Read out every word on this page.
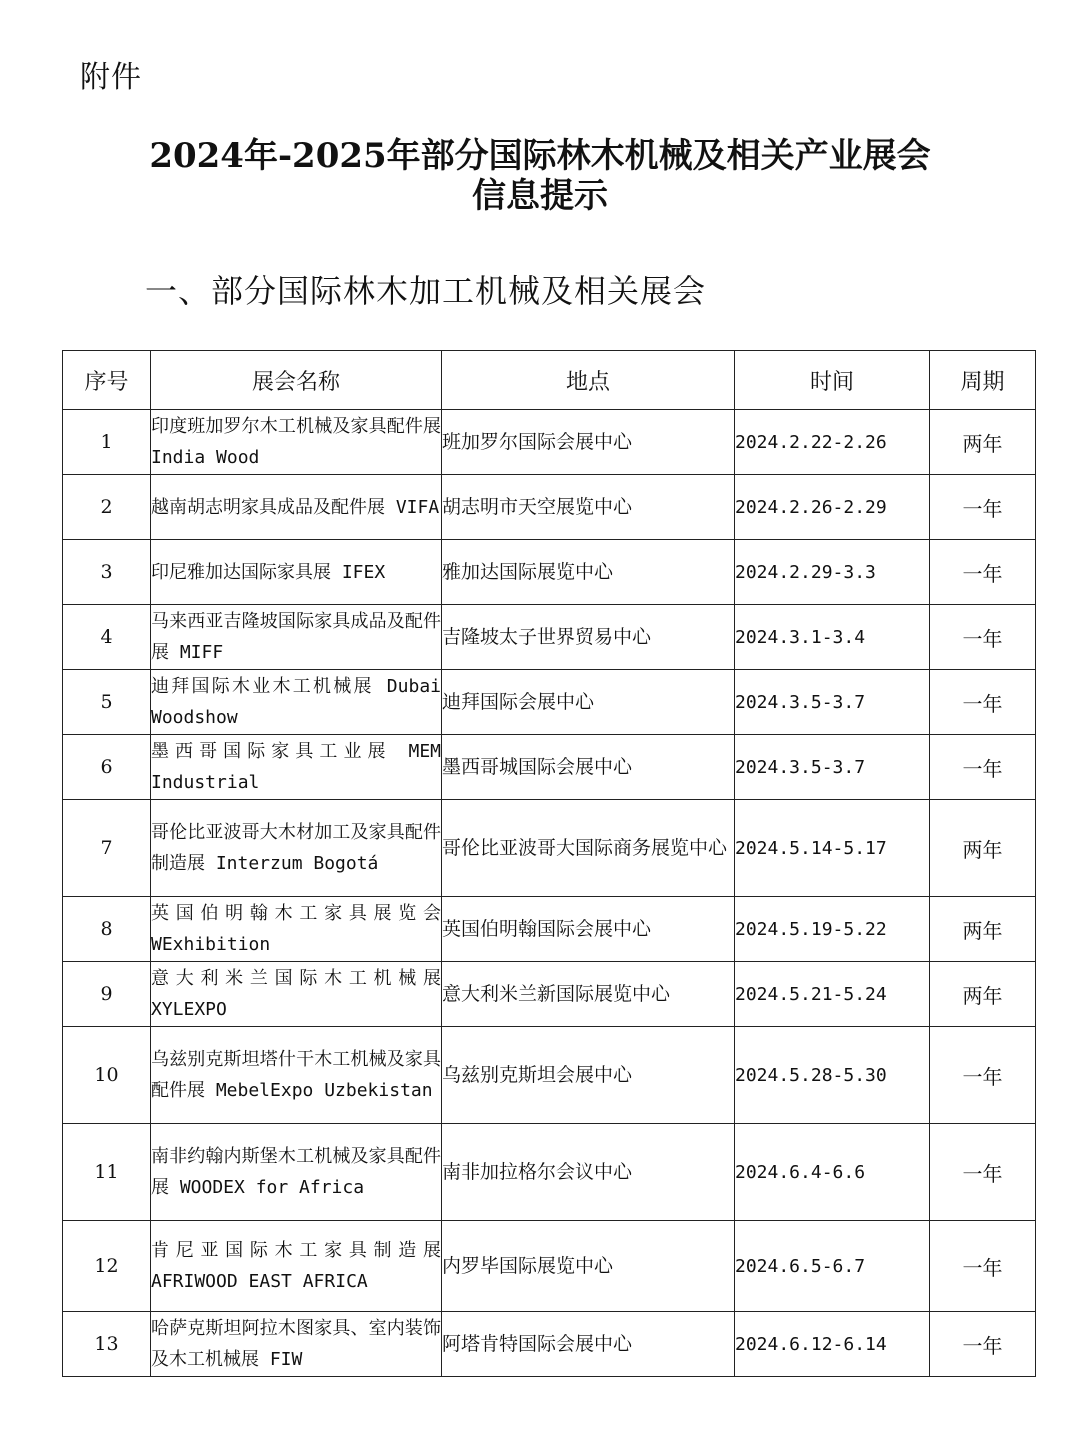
附件
2024年-2025年部分国际林木机械及相关产业展会
信息提示
一、部分国际林木加工机械及相关展会
序号	展会名称	地点	时间	周期
1	印度班加罗尔木工机械及家具配件展 India Wood	班加罗尔国际会展中心	2024.2.22-2.26	两年
2	越南胡志明家具成品及配件展 VIFA	胡志明市天空展览中心	2024.2.26-2.29	一年
3	印尼雅加达国际家具展 IFEX	雅加达国际展览中心	2024.2.29-3.3	一年
4	马来西亚吉隆坡国际家具成品及配件展 MIFF	吉隆坡太子世界贸易中心	2024.3.1-3.4	一年
5	迪拜国际木业木工机械展 Dubai Woodshow	迪拜国际会展中心	2024.3.5-3.7	一年
6	墨西哥国际家具工业展 MEM Industrial	墨西哥城国际会展中心	2024.3.5-3.7	一年
7	哥伦比亚波哥大木材加工及家具配件制造展 Interzum Bogotá	哥伦比亚波哥大国际商务展览中心	2024.5.14-5.17	两年
8	英国伯明翰木工家具展览会 WExhibition	英国伯明翰国际会展中心	2024.5.19-5.22	两年
9	意大利米兰国际木工机械展 XYLEXPO	意大利米兰新国际展览中心	2024.5.21-5.24	两年
10	乌兹别克斯坦塔什干木工机械及家具配件展 MebelExpo Uzbekistan	乌兹别克斯坦会展中心	2024.5.28-5.30	一年
11	南非约翰内斯堡木工机械及家具配件展 WOODEX for Africa	南非加拉格尔会议中心	2024.6.4-6.6	一年
12	肯尼亚国际木工家具制造展 AFRIWOOD EAST AFRICA	内罗毕国际展览中心	2024.6.5-6.7	一年
13	哈萨克斯坦阿拉木图家具、室内装饰及木工机械展 FIW	阿塔肯特国际会展中心	2024.6.12-6.14	一年
